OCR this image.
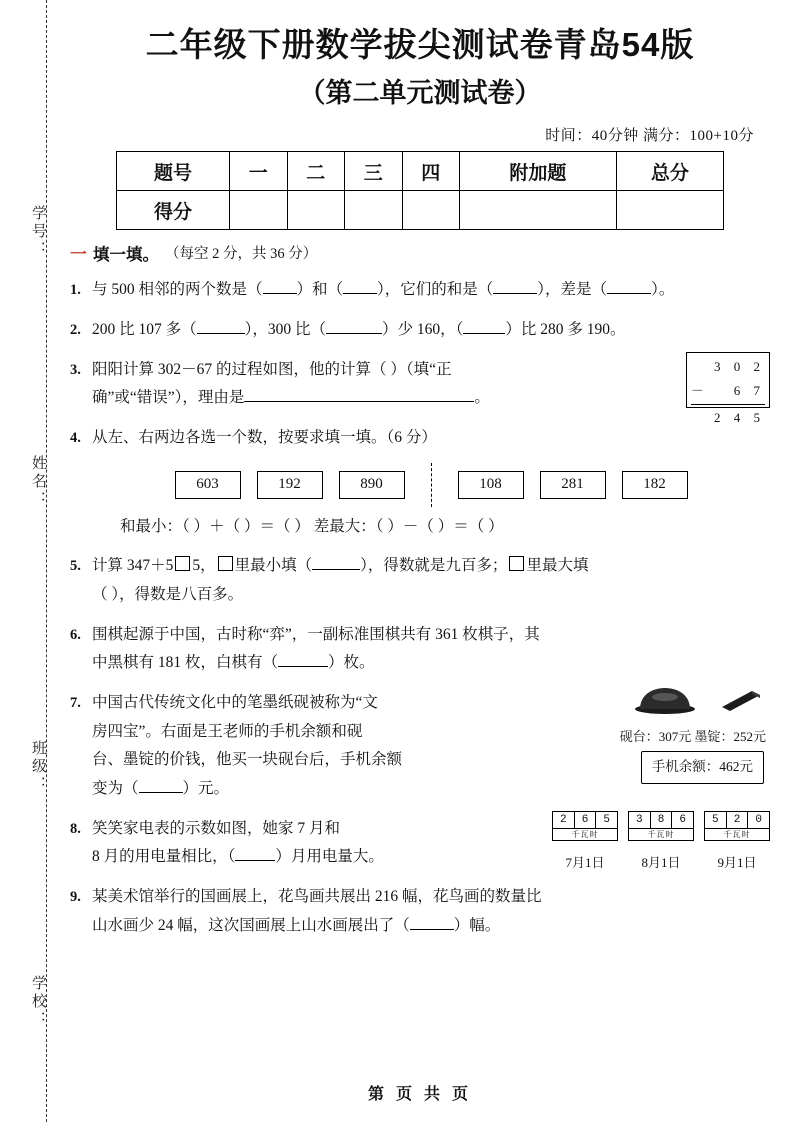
学号：
姓名：
班级：
学校：
二年级下册数学拔尖测试卷青岛54版
（第二单元测试卷）
时间：40分钟 满分：100+10分
题号	一	二	三	四	附加题	总分
得分						
一 填一填。 （每空 2 分，共 36 分）
1. 与 500 相邻的两个数是（ ）和（ ），它们的和是（	），差是（	）。
2. 200 比 107 多（	），300 比（	）少 160，（	）比 280 多 190。
3. 阳阳计算 302－67 的过程如图，他的计算（ ）（填“正
确”或“错误”），理由是	。
3 0 2
－ 6 7
2 4 5
4. 从左、右两边各选一个数，按要求填一填。（6 分）
603	192	890	108	281	182
和最小：（ ）＋（ ）＝（ ） 差最大：（ ）－（ ）＝（ ）
5. 计算 347＋5 5， 里最小填（	），得数就是九百多； 里最大填
（ ），得数是八百多。
6. 围棋起源于中国，古时称“弈”，一副标准围棋共有 361 枚棋子，其
中黑棋有 181 枚，白棋有（	）枚。
7. 中国古代传统文化中的笔墨纸砚被称为“文
房四宝”。右面是王老师的手机余额和砚
台、墨锭的价钱，他买一块砚台后，手机余额
变为（	）元。
砚台：307元 墨锭：252元
手机余额：462元
8. 笑笑家电表的示数如图，她家 7 月和
8 月的用电量相比，（	）月用电量大。
2	6	5
千瓦时
3	8	6
千瓦时
5	2	0
千瓦时
7月1日	8月1日	9月1日
9. 某美术馆举行的国画展上，花鸟画共展出 216 幅，花鸟画的数量比
山水画少 24 幅，这次国画展上山水画展出了（	）幅。
第 页 共 页
